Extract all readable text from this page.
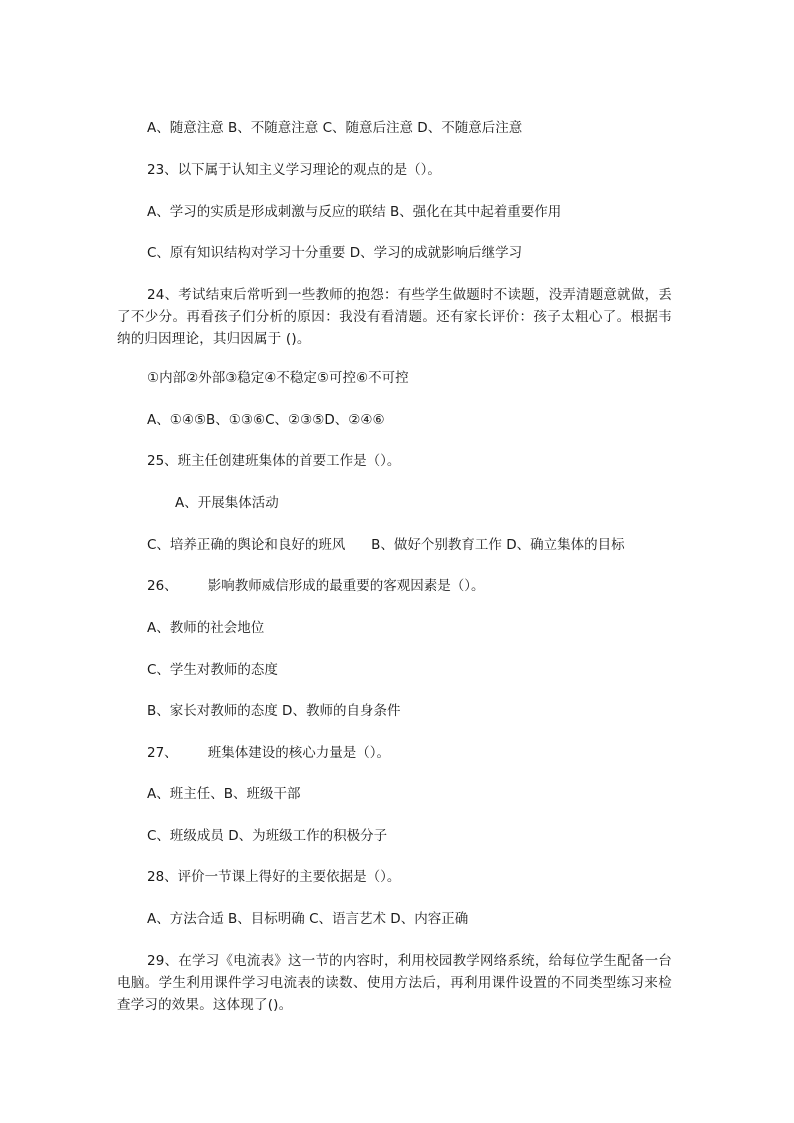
A、随意注意 B、不随意注意 C、随意后注意 D、不随意后注意
23、以下属于认知主义学习理论的观点的是（）。
A、学习的实质是形成刺激与反应的联结 B、强化在其中起着重要作用
C、原有知识结构对学习十分重要 D、学习的成就影响后继学习
24、考试结束后常听到一些教师的抱怨：有些学生做题时不读题，没弄清题意就做，丢了不少分。再看孩子们分析的原因：我没有看清题。还有家长评价：孩子太粗心了。根据韦纳的归因理论，其归因属于 ()。
①内部②外部③稳定④不稳定⑤可控⑥不可控
A、①④⑤B、①③⑥C、②③⑤D、②④⑥
25、班主任创建班集体的首要工作是（）。
A、开展集体活动
C、培养正确的舆论和良好的班风      B、做好个别教育工作 D、确立集体的目标
26、       影响教师威信形成的最重要的客观因素是（）。
A、教师的社会地位
C、学生对教师的态度
B、家长对教师的态度 D、教师的自身条件
27、       班集体建设的核心力量是（）。
A、班主任、B、班级干部
C、班级成员 D、为班级工作的积极分子
28、评价一节课上得好的主要依据是（）。
A、方法合适 B、目标明确 C、语言艺术 D、内容正确
29、在学习《电流表》这一节的内容时，利用校园教学网络系统，给每位学生配备一台电脑。学生利用课件学习电流表的读数、使用方法后，再利用课件设置的不同类型练习来检查学习的效果。这体现了()。
